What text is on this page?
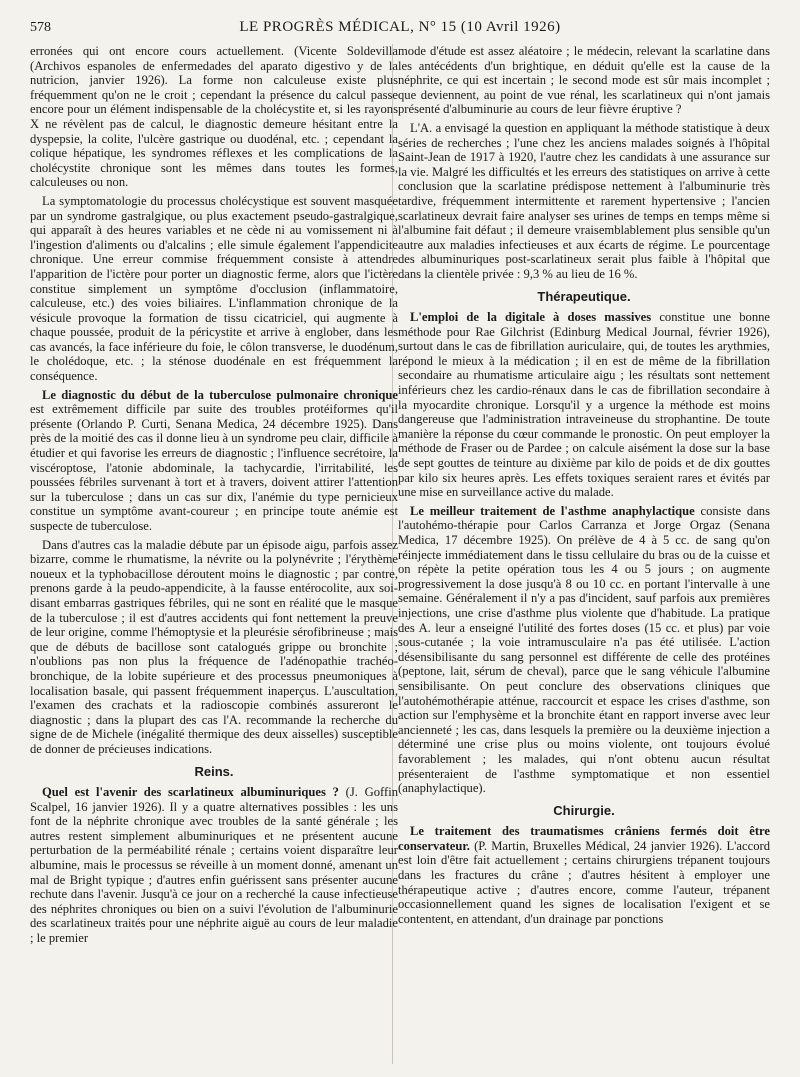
578	LE PROGRÈS MÉDICAL, N° 15 (10 Avril 1926)

erronées qui ont encore cours actuellement. (Vicente Soldevilla (Archivos espanoles de enfermedades del aparato digestivo y de la nutricion, janvier 1926). La forme non calculeuse existe plus fréquemment qu'on ne le croit ; cependant la présence du calcul passe encore pour un élément indispensable de la cholécystite et, si les rayons X ne révèlent pas de calcul, le diagnostic demeure hésitant entre la dyspepsie, la colite, l'ulcère gastrique ou duodénal, etc. ; cependant la colique hépatique, les syndromes réflexes et les complications de la cholécystite chronique sont les mêmes dans toutes les formes, calculeuses ou non.

La symptomatologie du processus cholécystique est souvent masquée par un syndrome gastralgique, ou plus exactement pseudo-gastralgique, qui apparaît à des heures variables et ne cède ni au vomissement ni à l'ingestion d'aliments ou d'alcalins ; elle simule également l'appendicite chronique. Une erreur commise fréquemment consiste à attendre l'apparition de l'ictère pour porter un diagnostic ferme, alors que l'ictère constitue simplement un symptôme d'occlusion (inflammatoire, calculeuse, etc.) des voies biliaires. L'inflammation chronique de la vésicule provoque la formation de tissu cicatriciel, qui augmente à chaque poussée, produit de la péricystite et arrive à englober, dans les cas avancés, la face inférieure du foie, le côlon transverse, le duodénum, le cholédoque, etc. ; la sténose duodénale en est fréquemment la conséquence.

Le diagnostic du début de la tuberculose pulmonaire chronique est extrêmement difficile par suite des troubles protéiformes qu'il présente (Orlando P. Curti, Senana Medica, 24 décembre 1925). Dans près de la moitié des cas il donne lieu à un syndrome peu clair, difficile à étudier et qui favorise les erreurs de diagnostic ; l'influence secrétoire, la viscéroptose, l'atonie abdominale, la tachycardie, l'irritabilité, les poussées fébriles survenant à tort et à travers, doivent attirer l'attention sur la tuberculose ; dans un cas sur dix, l'anémie du type pernicieux constitue un symptôme avant-coureur ; en principe toute anémie est suspecte de tuberculose.

Dans d'autres cas la maladie débute par un épisode aigu, parfois assez bizarre, comme le rhumatisme, la névrite ou la polynévrite ; l'érythème noueux et la typhobacillose déroutent moins le diagnostic ; par contre, prenons garde à la peudo-appendicite, à la fausse entérocolite, aux soi-disant embarras gastriques fébriles, qui ne sont en réalité que le masque de la tuberculose ; il est d'autres accidents qui font nettement la preuve de leur origine, comme l'hémoptysie et la pleurésie sérofibrineuse ; mais que de débuts de bacillose sont catalogués grippe ou bronchite ; n'oublions pas non plus la fréquence de l'adénopathie trachéo-bronchique, de la lobite supérieure et des processus pneumoniques à localisation basale, qui passent fréquemment inaperçus. L'auscultation, l'examen des crachats et la radioscopie combinés assureront le diagnostic ; dans la plupart des cas l'A. recommande la recherche du signe de de Michele (inégalité thermique des deux aisselles) susceptible de donner de précieuses indications.

Reins.

Quel est l'avenir des scarlatineux albuminuriques ? (J. Goffin Scalpel, 16 janvier 1926). Il y a quatre alternatives possibles : les uns font de la néphrite chronique avec troubles de la santé générale ; les autres restent simplement albuminuriques et ne présentent aucune perturbation de la perméabilité rénale ; certains voient disparaître leur albumine, mais le processus se réveille à un moment donné, amenant un mal de Bright typique ; d'autres enfin guérissent sans présenter aucune rechute dans l'avenir. Jusqu'à ce jour on a recherché la cause infectieuse des néphrites chroniques ou bien on a suivi l'évolution de l'albuminurie des scarlatineux traités pour une néphrite aiguë au cours de leur maladie ; le premier

mode d'étude est assez aléatoire ; le médecin, relevant la scarlatine dans les antécédents d'un brightique, en déduit qu'elle est la cause de la néphrite, ce qui est incertain ; le second mode est sûr mais incomplet ; que deviennent, au point de vue rénal, les scarlatineux qui n'ont jamais présenté d'albuminurie au cours de leur fièvre éruptive ?

L'A. a envisagé la question en appliquant la méthode statistique à deux séries de recherches ; l'une chez les anciens malades soignés à l'hôpital Saint-Jean de 1917 à 1920, l'autre chez les candidats à une assurance sur la vie. Malgré les difficultés et les erreurs des statistiques on arrive à cette conclusion que la scarlatine prédispose nettement à l'albuminurie très tardive, fréquemment intermittente et rarement hypertensive ; l'ancien scarlatineux devrait faire analyser ses urines de temps en temps même si l'albumine fait défaut ; il demeure vraisemblablement plus sensible qu'un autre aux maladies infectieuses et aux écarts de régime. Le pourcentage des albuminuriques post-scarlatineux serait plus faible à l'hôpital que dans la clientèle privée : 9,3 % au lieu de 16 %.

Thérapeutique.

L'emploi de la digitale à doses massives constitue une bonne méthode pour Rae Gilchrist (Edinburg Medical Journal, février 1926), surtout dans le cas de fibrillation auriculaire, qui, de toutes les arythmies, répond le mieux à la médication ; il en est de même de la fibrillation secondaire au rhumatisme articulaire aigu ; les résultats sont nettement inférieurs chez les cardio-rénaux dans le cas de fibrillation secondaire à la myocardite chronique. Lorsqu'il y a urgence la méthode est moins dangereuse que l'administration intraveineuse du strophantine. De toute manière la réponse du cœur commande le pronostic. On peut employer la méthode de Fraser ou de Pardee ; on calcule aisément la dose sur la base de sept gouttes de teinture au dixième par kilo de poids et de dix gouttes par kilo six heures après. Les effets toxiques seraient rares et évités par une mise en surveillance active du malade.

Le meilleur traitement de l'asthme anaphylactique consiste dans l'autohémo-thérapie pour Carlos Carranza et Jorge Orgaz (Senana Medica, 17 décembre 1925). On prélève de 4 à 5 cc. de sang qu'on réinjecte immédiatement dans le tissu cellulaire du bras ou de la cuisse et on répète la petite opération tous les 4 ou 5 jours ; on augmente progressivement la dose jusqu'à 8 ou 10 cc. en portant l'intervalle à une semaine. Généralement il n'y a pas d'incident, sauf parfois aux premières injections, une crise d'asthme plus violente que d'habitude. La pratique des A. leur a enseigné l'utilité des fortes doses (15 cc. et plus) par voie sous-cutanée ; la voie intramusculaire n'a pas été utilisée. L'action désensibilisante du sang personnel est différente de celle des protéines (peptone, lait, sérum de cheval), parce que le sang véhicule l'albumine sensibilisante. On peut conclure des observations cliniques que l'autohémothérapie atténue, raccourcit et espace les crises d'asthme, son action sur l'emphysème et la bronchite étant en rapport inverse avec leur ancienneté ; les cas, dans lesquels la première ou la deuxième injection a déterminé une crise plus ou moins violente, ont toujours évolué favorablement ; les malades, qui n'ont obtenu aucun résultat présenteraient de l'asthme symptomatique et non essentiel (anaphylactique).

Chirurgie.

Le traitement des traumatismes crâniens fermés doit être conservateur. (P. Martin, Bruxelles Médical, 24 janvier 1926). L'accord est loin d'être fait actuellement ; certains chirurgiens trépanent toujours dans les fractures du crâne ; d'autres hésitent à employer une thérapeutique active ; d'autres encore, comme l'auteur, trépanent occasionnellement quand les signes de localisation l'exigent et se contentent, en attendant, d'un drainage par ponctions
